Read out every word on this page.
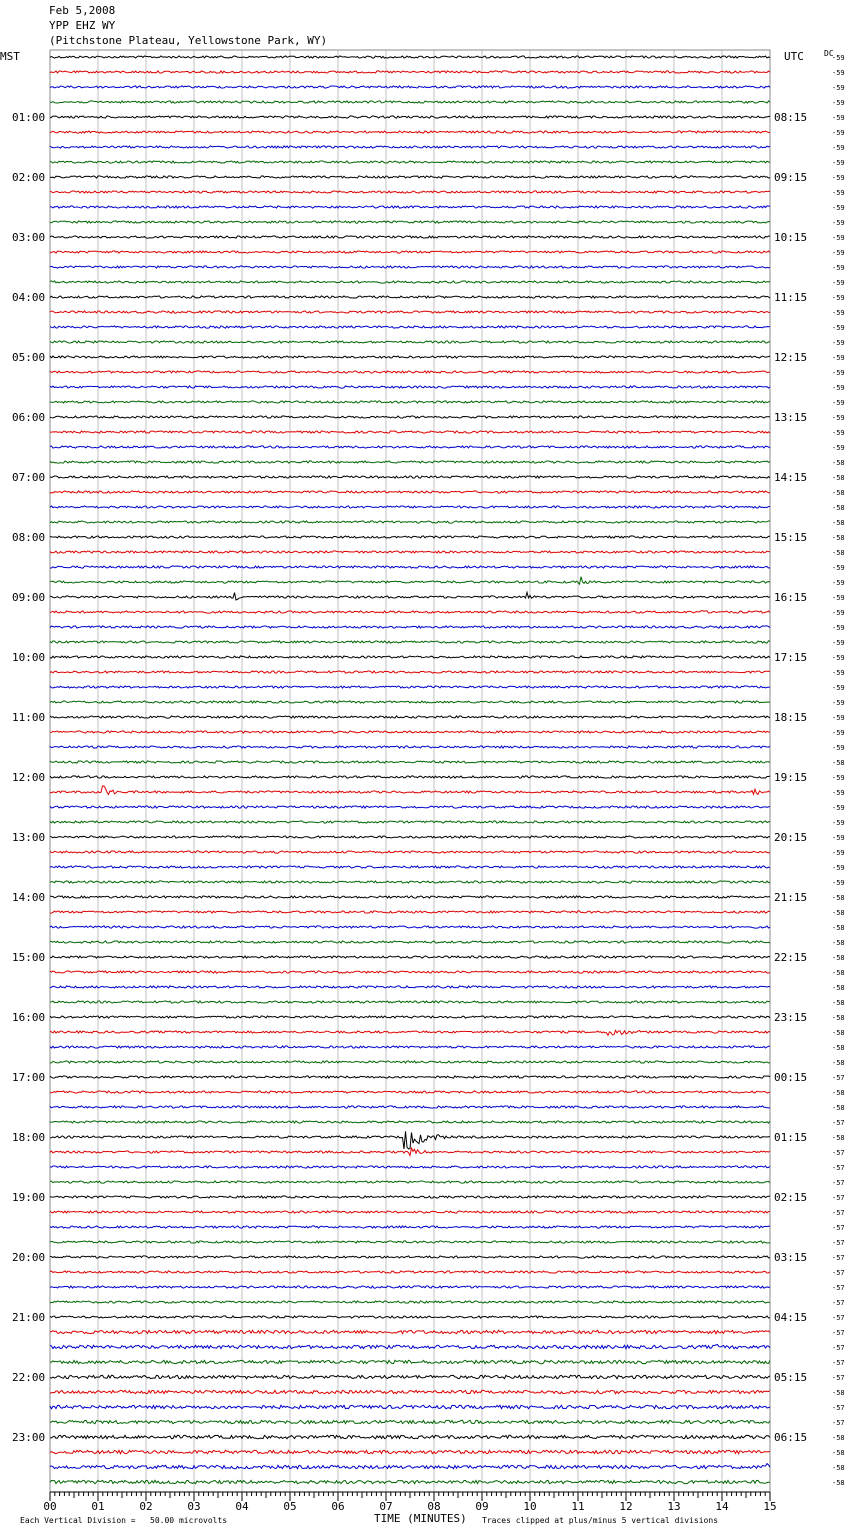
01:00
02:00
03:00
04:00
05:00
06:00
07:00
08:00
09:00
10:00
11:00
12:00
13:00
14:00
15:00
16:00
17:00
18:00
19:00
20:00
21:00
22:00
23:00
08:15
09:15
10:15
11:15
12:15
13:15
14:15
15:15
16:15
17:15
18:15
19:15
20:15
21:15
22:15
23:15
00:15
01:15
02:15
03:15
04:15
05:15
06:15
-59
-59
-59
-59
-59
-59
-59
-59
-59
-59
-59
-59
-59
-59
-59
-59
-59
-59
-59
-59
-59
-59
-59
-59
-59
-59
-59
-58
-58
-58
-58
-58
-58
-58
-59
-59
-59
-59
-59
-59
-59
-59
-59
-59
-59
-59
-59
-58
-59
-59
-59
-59
-59
-59
-59
-59
-58
-58
-58
-58
-58
-58
-58
-58
-58
-58
-58
-58
-57
-58
-58
-57
-58
-57
-57
-57
-57
-57
-57
-57
-57
-57
-57
-57
-57
-57
-57
-57
-57
-58
-57
-57
-58
-58
-58
-58
00	01	02	03	04	05	06	07	08	09	10	11	12	13	14	15
Feb 5,2008
YPP EHZ WY
(Pitchstone Plateau, Yellowstone Park, WY)
MST	UTC	DC
Each Vertical Division =   50.00 microvolts	TIME (MINUTES) Traces clipped at plus/minus 5 vertical divisions
